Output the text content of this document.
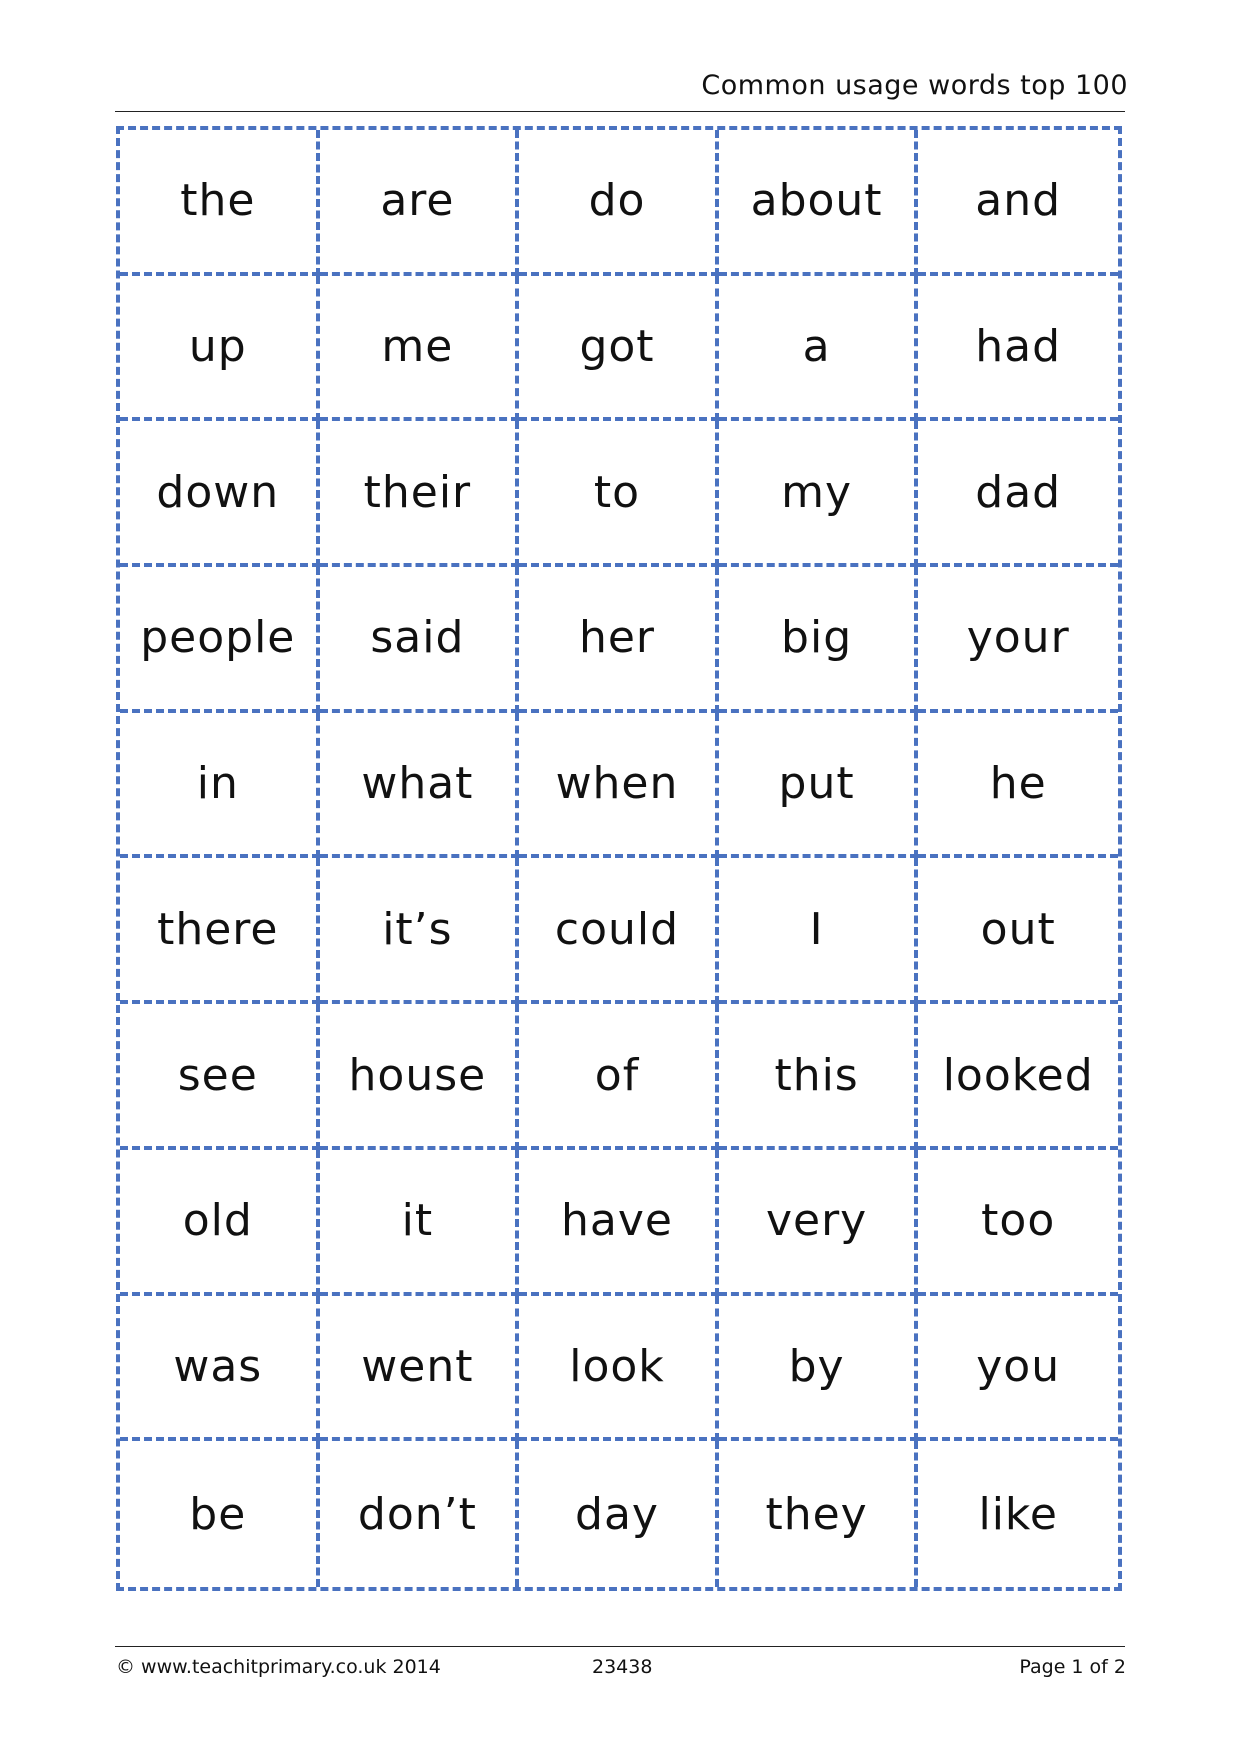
Common usage words top 100
the	are	do	about	and
up	me	got	a	had
down	their	to	my	dad
people	said	her	big	your
in	what	when	put	he
there	it’s	could	I	out
see	house	of	this	looked
old	it	have	very	too
was	went	look	by	you
be	don’t	day	they	like
© www.teachitprimary.co.uk 2014	23438	Page 1 of 2
